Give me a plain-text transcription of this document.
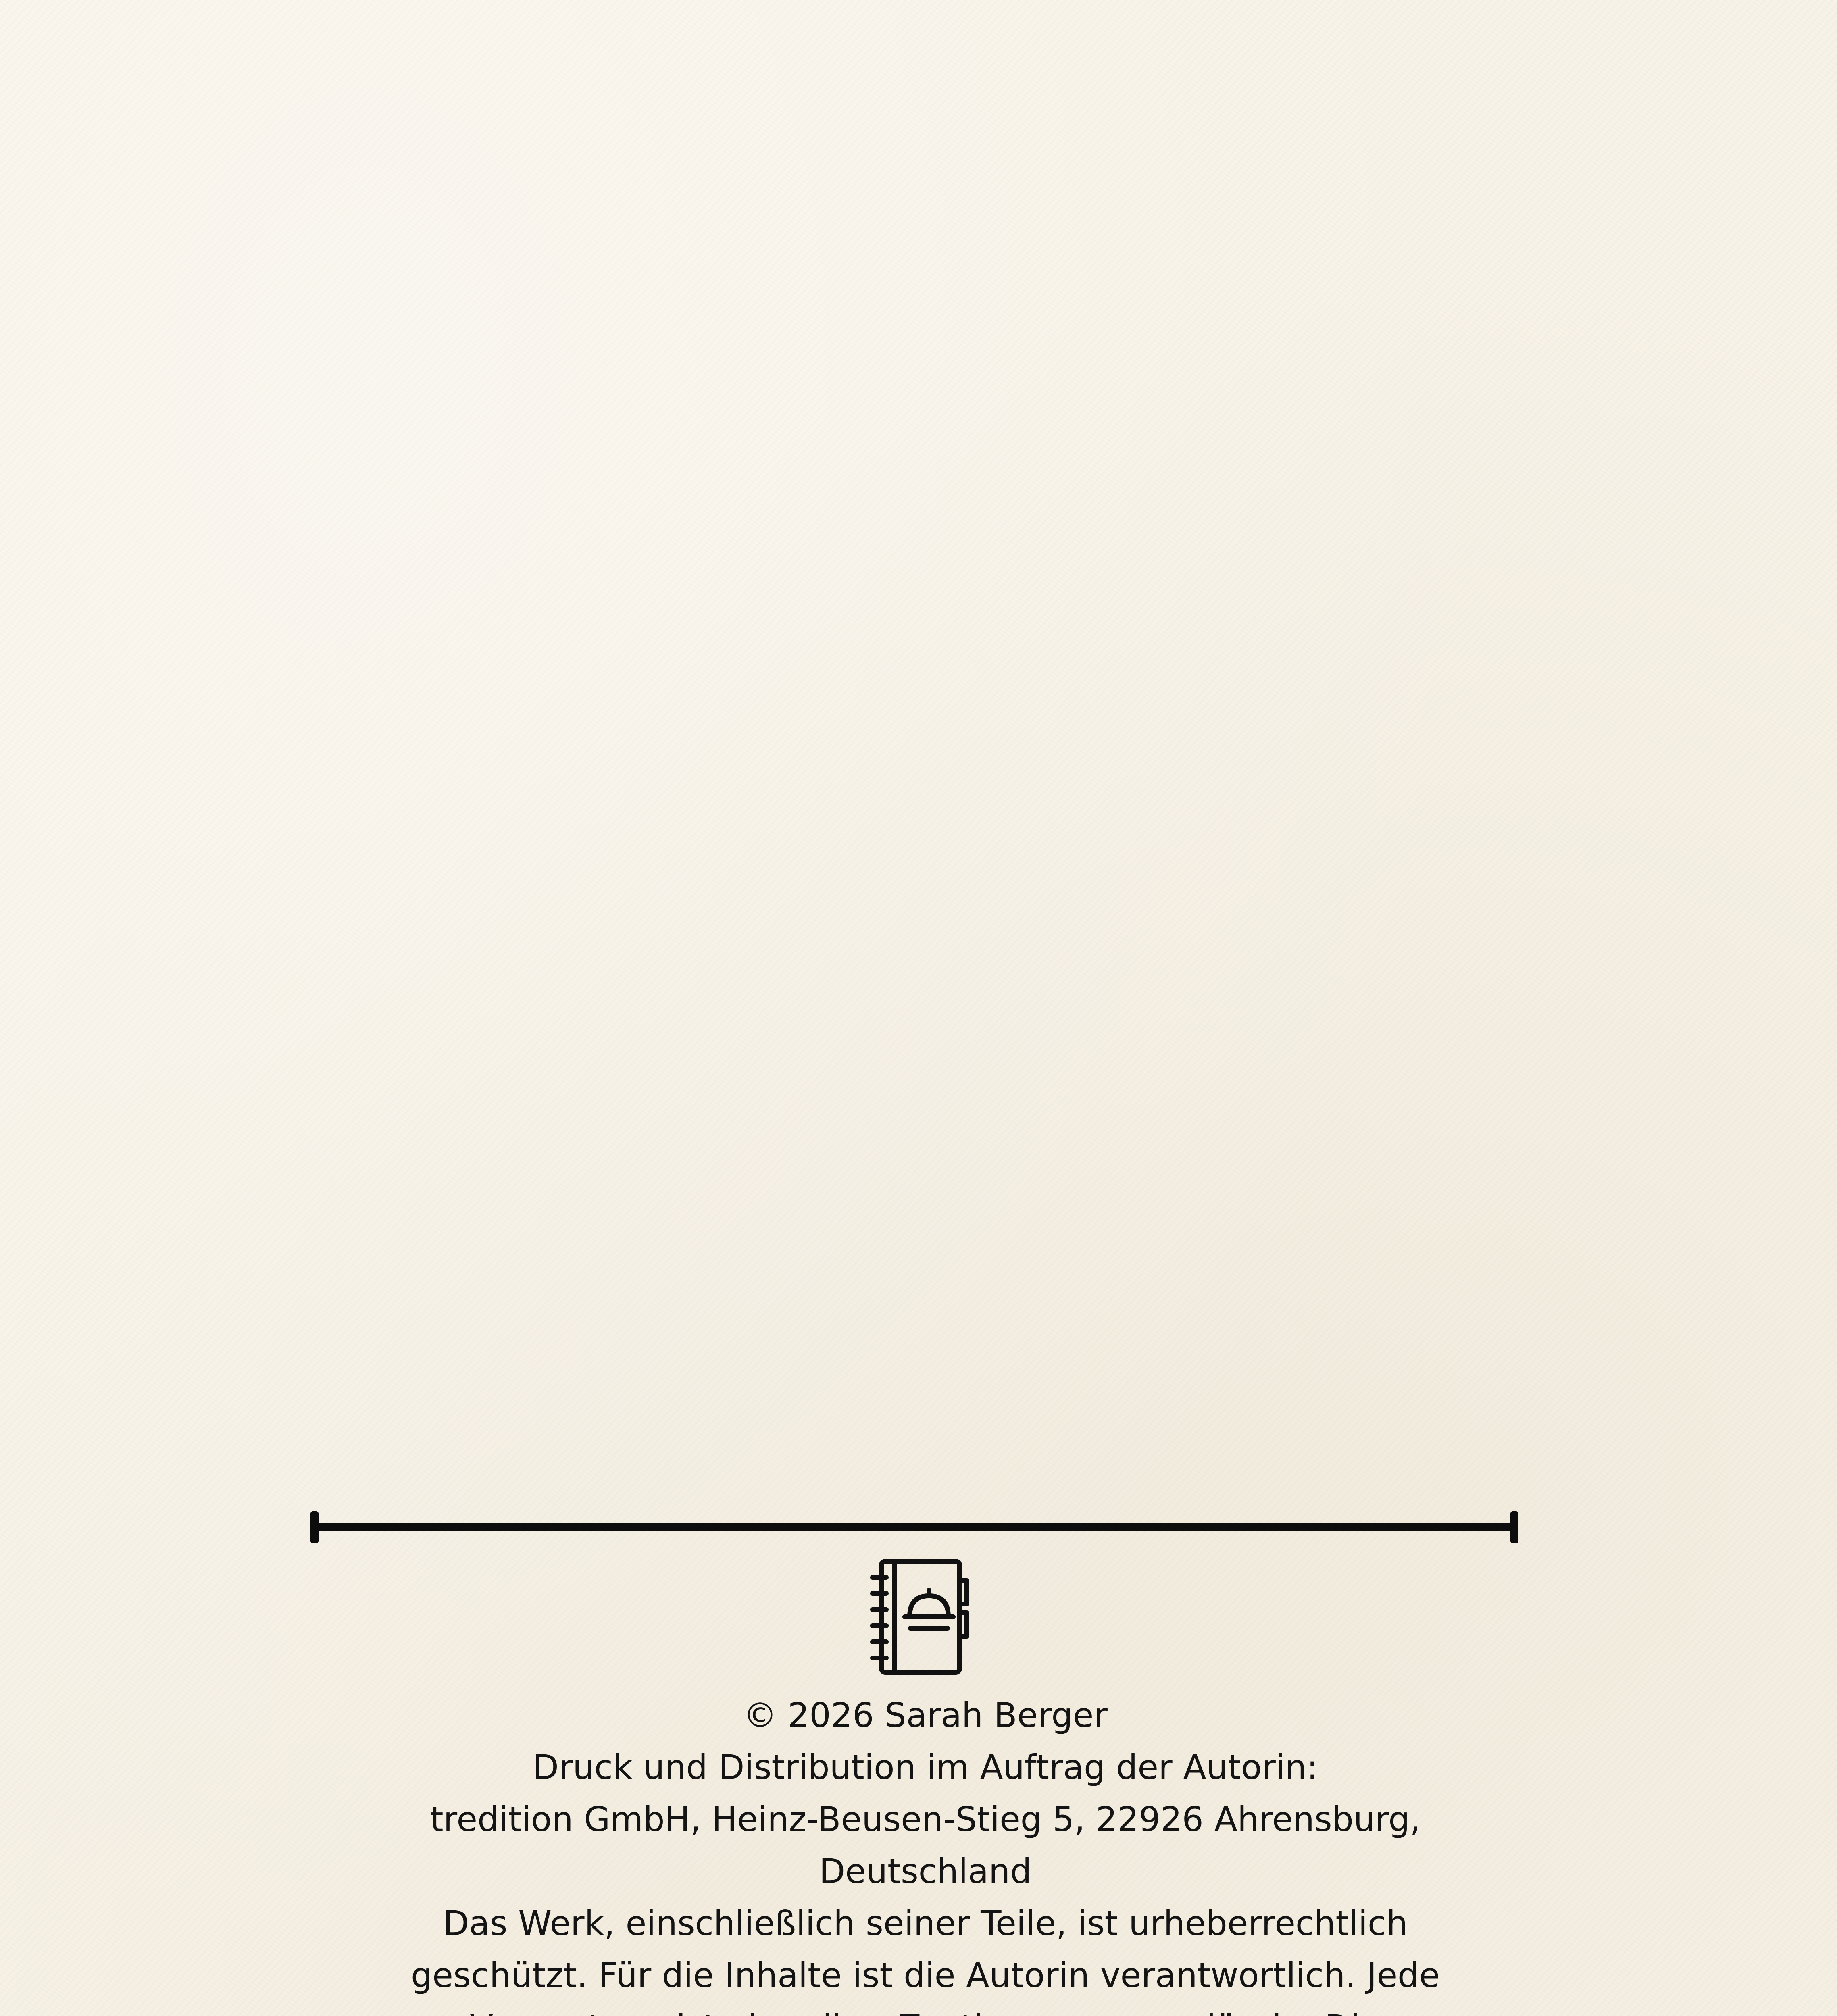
© 2026 Sarah Berger

Druck und Distribution im Auftrag der Autorin:

tredition GmbH, Heinz-Beusen-Stieg 5, 22926 Ahrensburg,

Deutschland

Das Werk, einschließlich seiner Teile, ist urheberrechtlich

geschützt. Für die Inhalte ist die Autorin verantwortlich. Jede
